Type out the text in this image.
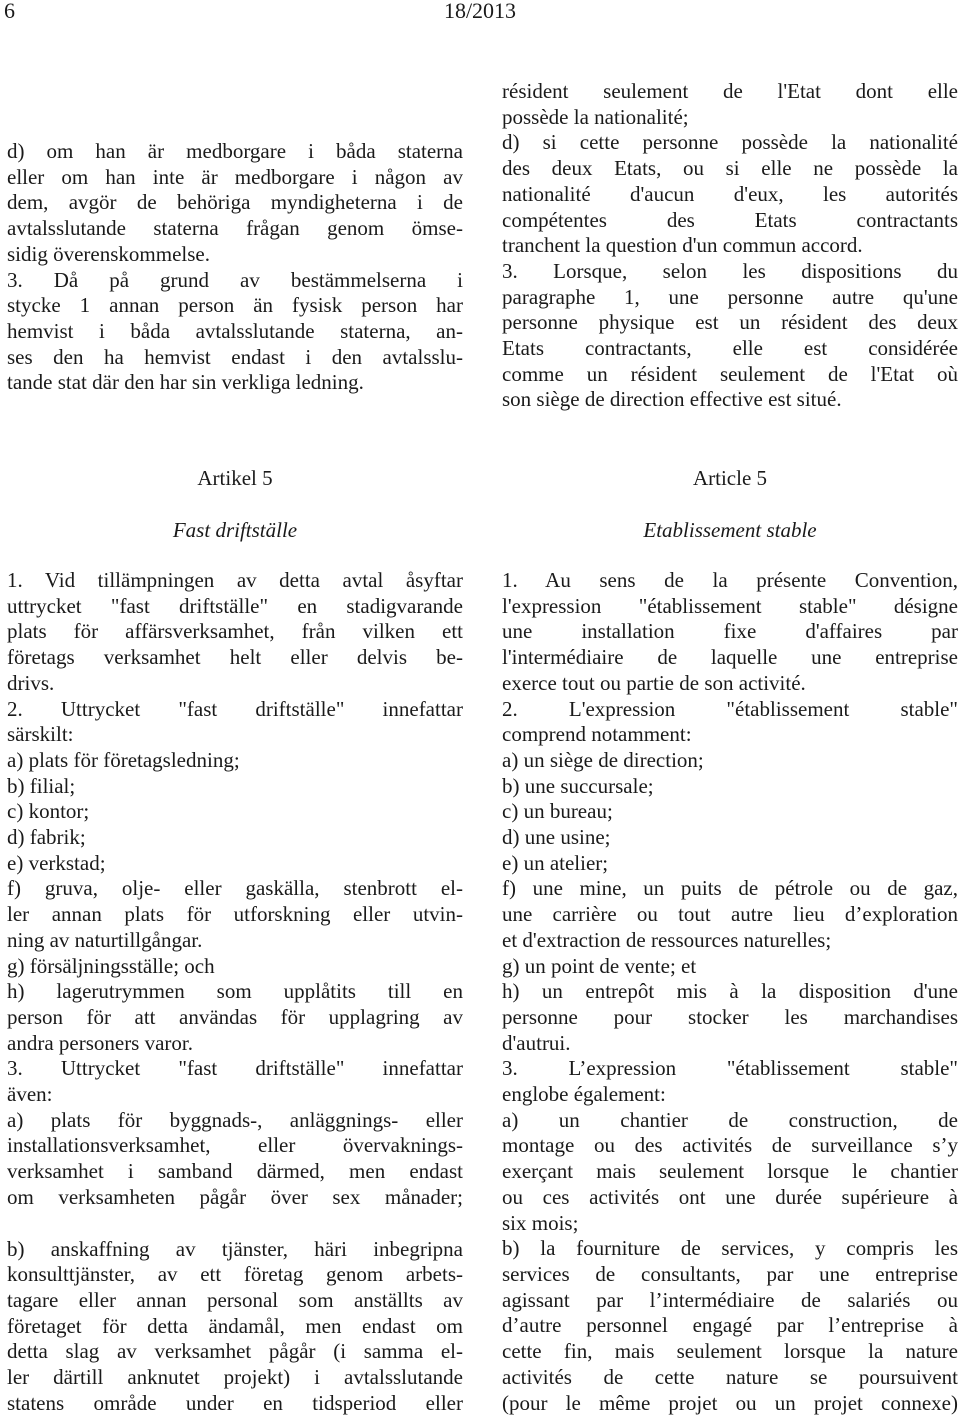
6	18/2013

d) om han är medborgare i båda staterna

eller om han inte är medborgare i någon av

dem, avgör de behöriga myndigheterna i de

avtalsslutande staterna frågan genom ömse-

sidig överenskommelse.

3. Då på grund av bestämmelserna i

stycke 1 annan person än fysisk person har

hemvist i båda avtalsslutande staterna, an-

ses den ha hemvist endast i den avtalsslu-

tande stat där den har sin verkliga ledning.

résident seulement de l'Etat dont elle

possède la nationalité;

d) si cette personne possède la nationalité

des deux Etats, ou si elle ne possède la

nationalité d'aucun d'eux, les autorités

compétentes des Etats contractants

tranchent la question d'un commun accord.

3. Lorsque, selon les dispositions du

paragraphe 1, une personne autre qu'une

personne physique est un résident des deux

Etats contractants, elle est considérée

comme un résident seulement de l'Etat où

son siège de direction effective est situé.

Artikel 5
Fast driftställe
Article 5
Etablissement stable

1. Vid tillämpningen av detta avtal åsyftar

uttrycket "fast driftställe" en stadigvarande

plats för affärsverksamhet, från vilken ett

företags verksamhet helt eller delvis be-

drivs.

2. Uttrycket "fast driftställe" innefattar

särskilt:

a) plats för företagsledning;

b) filial;

c) kontor;

d) fabrik;

e) verkstad;

f) gruva, olje- eller gaskälla, stenbrott el-

ler annan plats för utforskning eller utvin-

ning av naturtillgångar.

g) försäljningsställe; och

h) lagerutrymmen som upplåtits till en

person för att användas för upplagring av

andra personers varor.

3. Uttrycket "fast driftställe" innefattar

även:

a) plats för byggnads-, anläggnings- eller

installationsverksamhet, eller övervaknings-

verksamhet i samband därmed, men endast

om verksamheten pågår över sex månader;

b) anskaffning av tjänster, häri inbegripna

konsulttjänster, av ett företag genom arbets-

tagare eller annan personal som anställts av

företaget för detta ändamål, men endast om

detta slag av verksamhet pågår (i samma el-

ler därtill anknutet projekt) i avtalsslutande

statens område under en tidsperiod eller

1. Au sens de la présente Convention,

l'expression "établissement stable" désigne

une installation fixe d'affaires par

l'intermédiaire de laquelle une entreprise

exerce tout ou partie de son activité.

2. L'expression "établissement stable"

comprend notamment:

a) un siège de direction;

b) une succursale;

c) un bureau;

d) une usine;

e) un atelier;

f) une mine, un puits de pétrole ou de gaz,

une carrière ou tout autre lieu d’exploration

et d'extraction de ressources naturelles;

g) un point de vente; et

h) un entrepôt mis à la disposition d'une

personne pour stocker les marchandises

d'autrui.

3. L’expression "établissement stable"

englobe également:

a) un chantier de construction, de

montage ou des activités de surveillance s’y

exerçant mais seulement lorsque le chantier

ou ces activités ont une durée supérieure à

six mois;

b) la fourniture de services, y compris les

services de consultants, par une entreprise

agissant par l’intermédiaire de salariés ou

d’autre personnel engagé par l’entreprise à

cette fin, mais seulement lorsque la nature

activités de cette nature se poursuivent

(pour le même projet ou un projet connexe)
